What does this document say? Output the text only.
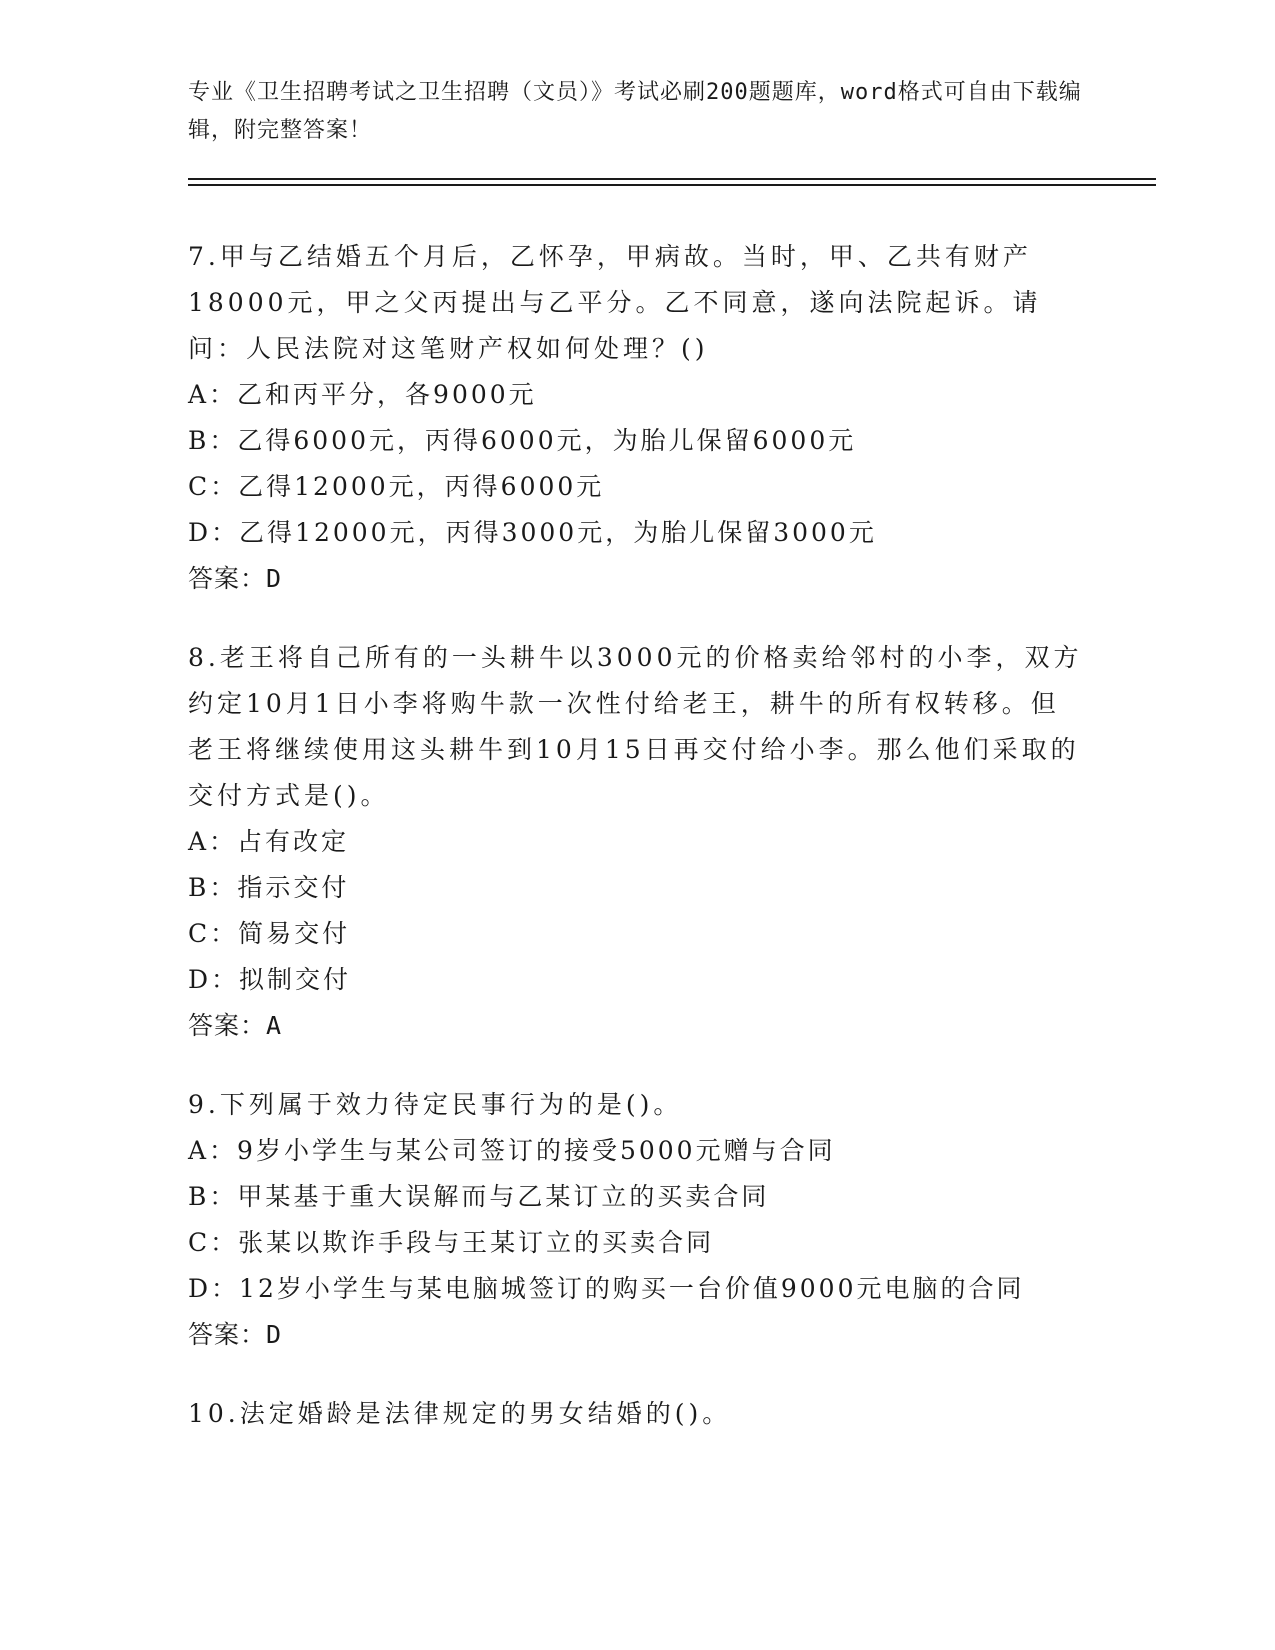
专业《卫生招聘考试之卫生招聘（文员）》考试必刷200题题库，word格式可自由下载编辑，附完整答案！
7.甲与乙结婚五个月后，乙怀孕，甲病故。当时，甲、乙共有财产18000元，甲之父丙提出与乙平分。乙不同意，遂向法院起诉。请问：人民法院对这笔财产权如何处理？()
A：乙和丙平分，各9000元
B：乙得6000元，丙得6000元，为胎儿保留6000元
C：乙得12000元，丙得6000元
D：乙得12000元，丙得3000元，为胎儿保留3000元
答案：D
8.老王将自己所有的一头耕牛以3000元的价格卖给邻村的小李，双方约定10月1日小李将购牛款一次性付给老王，耕牛的所有权转移。但老王将继续使用这头耕牛到10月15日再交付给小李。那么他们采取的交付方式是()。
A：占有改定
B：指示交付
C：简易交付
D：拟制交付
答案：A
9.下列属于效力待定民事行为的是()。
A：9岁小学生与某公司签订的接受5000元赠与合同
B：甲某基于重大误解而与乙某订立的买卖合同
C：张某以欺诈手段与王某订立的买卖合同
D：12岁小学生与某电脑城签订的购买一台价值9000元电脑的合同
答案：D
10.法定婚龄是法律规定的男女结婚的()。
